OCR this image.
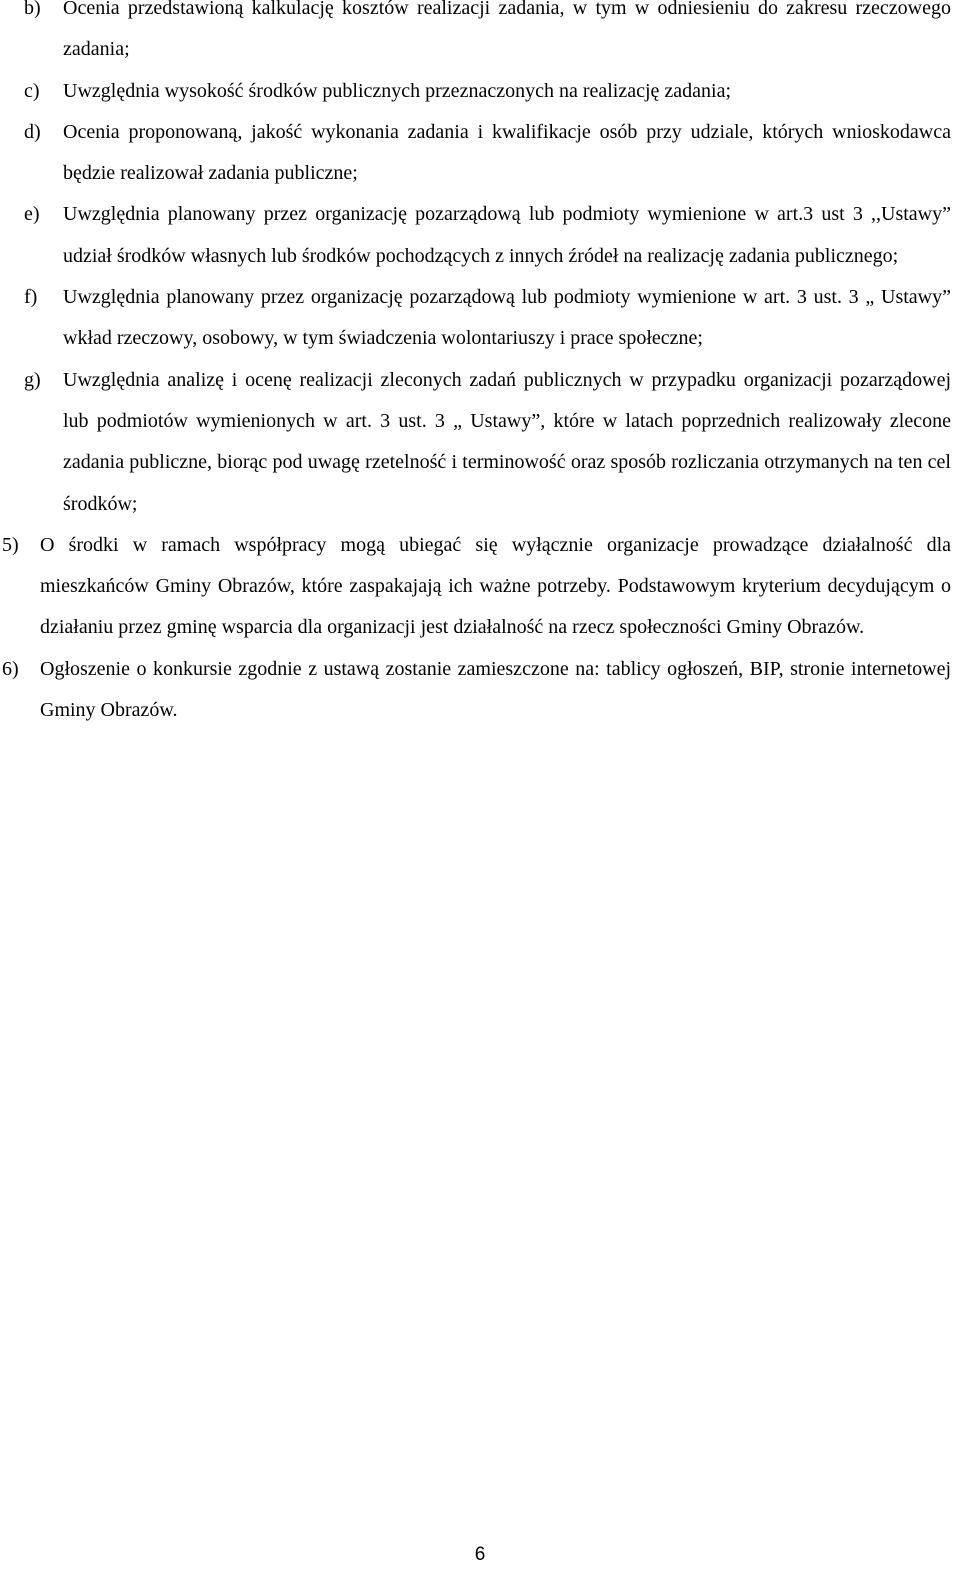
b) Ocenia przedstawioną kalkulację kosztów realizacji zadania, w tym w odniesieniu do zakresu rzeczowego zadania;

c) Uwzględnia wysokość środków publicznych przeznaczonych na realizację zadania;

d) Ocenia proponowaną, jakość wykonania zadania i kwalifikacje osób przy udziale, których wnioskodawca będzie realizował zadania publiczne;

e) Uwzględnia planowany przez organizację pozarządową lub podmioty wymienione w art.3 ust 3 ,,Ustawy” udział środków własnych lub środków pochodzących z innych źródeł na realizację zadania publicznego;

f) Uwzględnia planowany przez organizację pozarządową lub podmioty wymienione w art. 3 ust. 3 „ Ustawy” wkład rzeczowy, osobowy, w tym świadczenia wolontariuszy i prace społeczne;

g) Uwzględnia analizę i ocenę realizacji zleconych zadań publicznych w przypadku organizacji pozarządowej lub podmiotów wymienionych w art. 3 ust. 3 „ Ustawy”, które w latach poprzednich realizowały zlecone zadania publiczne, biorąc pod uwagę rzetelność i terminowość oraz sposób rozliczania otrzymanych na ten cel środków;

5) O środki w ramach współpracy mogą ubiegać się wyłącznie organizacje prowadzące działalność dla mieszkańców Gminy Obrazów, które zaspakajają ich ważne potrzeby. Podstawowym kryterium decydującym o działaniu przez gminę wsparcia dla organizacji jest działalność na rzecz społeczności Gminy Obrazów.

6) Ogłoszenie o konkursie zgodnie z ustawą zostanie zamieszczone na: tablicy ogłoszeń, BIP, stronie internetowej Gminy Obrazów.

6
